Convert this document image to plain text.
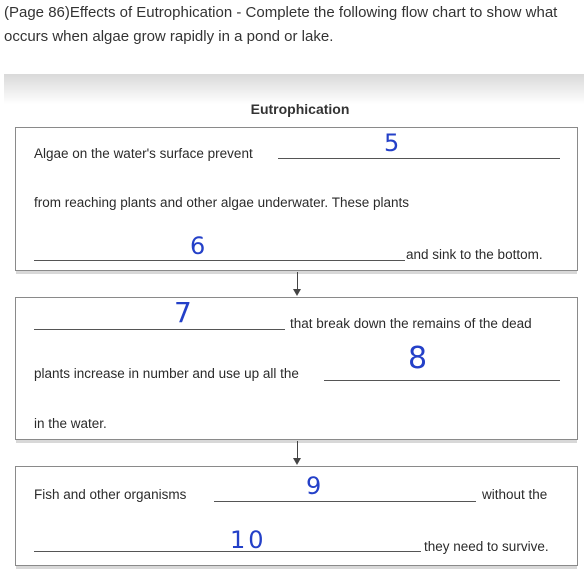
(Page 86)Effects of Eutrophication - Complete the following flow chart to show what occurs when algae grow rapidly in a pond or lake.
Eutrophication
Algae on the water's surface prevent	5
from reaching plants and other algae underwater. These plants
6	and sink to the bottom.
7	that break down the remains of the dead
plants increase in number and use up all the	8
in the water.
Fish and other organisms	9	without the
10	they need to survive.
